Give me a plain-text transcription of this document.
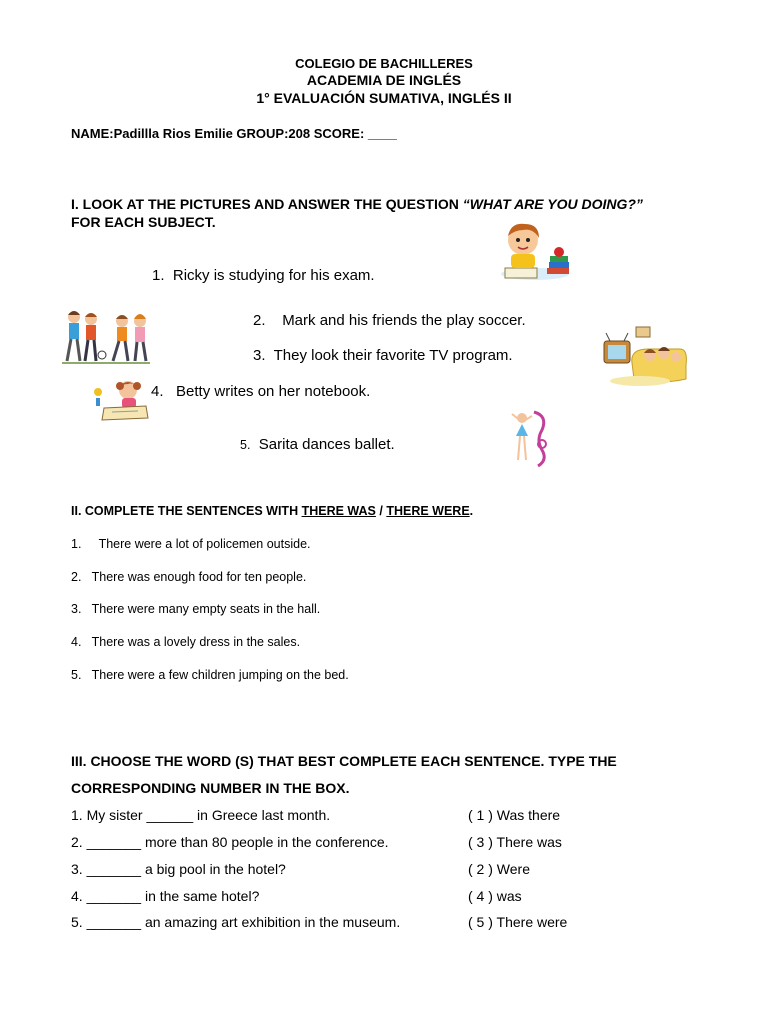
COLEGIO DE BACHILLERES
ACADEMIA DE INGLÉS
1° EVALUACIÓN SUMATIVA, INGLÉS II
NAME:Padillla Rios Emilie GROUP:208 SCORE: ____
I. LOOK AT THE PICTURES AND ANSWER THE QUESTION “WHAT ARE YOU DOING?”
FOR EACH SUBJECT.
1. Ricky is studying for his exam.
2. Mark and his friends the play soccer.
3. They look their favorite TV program.
4. Betty writes on her notebook.
5. Sarita dances ballet.
II. COMPLETE THE SENTENCES WITH THERE WAS / THERE WERE.
1. There were a lot of policemen outside.
2. There was enough food for ten people.
3. There were many empty seats in the hall.
4. There was a lovely dress in the sales.
5. There were a few children jumping on the bed.
III. CHOOSE THE WORD (S) THAT BEST COMPLETE EACH SENTENCE. TYPE THE
CORRESPONDING NUMBER IN THE BOX.
1. My sister ______ in Greece last month.	( 1 ) Was there
2. _______ more than 80 people in the conference.	( 3 ) There was
3. _______ a big pool in the hotel?	( 2 ) Were
4. _______ in the same hotel?	( 4 ) was
5. _______ an amazing art exhibition in the museum.	( 5 ) There were
